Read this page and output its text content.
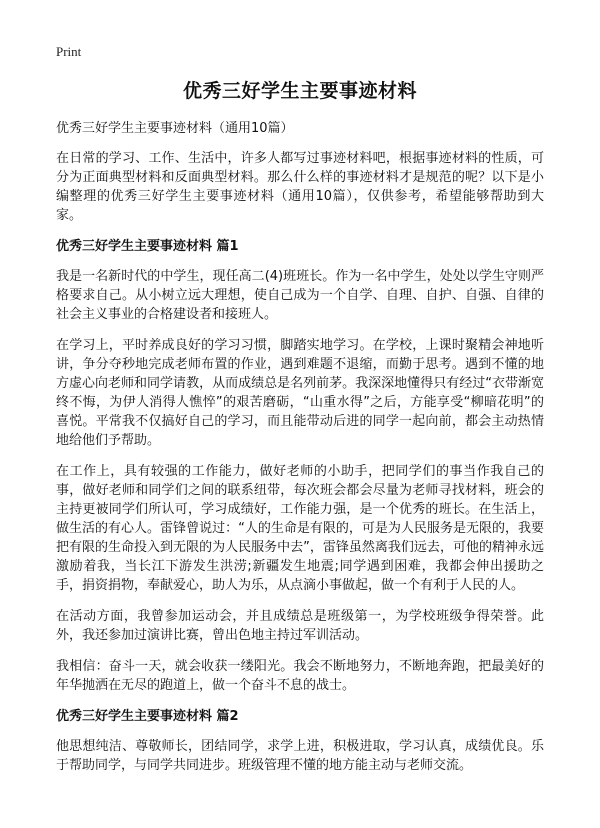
Print
优秀三好学生主要事迹材料
优秀三好学生主要事迹材料（通用10篇）

在日常的学习、工作、生活中，许多人都写过事迹材料吧，根据事迹材料的性质，可分为正面典型材料和反面典型材料。那么什么样的事迹材料才是规范的呢？以下是小编整理的优秀三好学生主要事迹材料（通用10篇），仅供参考，希望能够帮助到大家。

优秀三好学生主要事迹材料 篇1

我是一名新时代的中学生，现任高二(4)班班长。作为一名中学生，处处以学生守则严格要求自己。从小树立远大理想，使自己成为一个自学、自理、自护、自强、自律的社会主义事业的合格建设者和接班人。

在学习上，平时养成良好的学习习惯，脚踏实地学习。在学校，上课时聚精会神地听讲，争分夺秒地完成老师布置的作业，遇到难题不退缩，而勤于思考。遇到不懂的地方虚心向老师和同学请教，从而成绩总是名列前茅。我深深地懂得只有经过“衣带渐宽终不悔，为伊人消得人憔悴”的艰苦磨砺，“山重水得”之后，方能享受“柳暗花明”的喜悦。平常我不仅搞好自己的学习，而且能带动后进的同学一起向前，都会主动热情地给他们予帮助。

在工作上，具有较强的工作能力，做好老师的小助手，把同学们的事当作我自己的事，做好老师和同学们之间的联系纽带，每次班会都会尽量为老师寻找材料，班会的主持更被同学们所认可，学习成绩好，工作能力强，是一个优秀的班长。在生活上，做生活的有心人。雷锋曾说过：“人的生命是有限的，可是为人民服务是无限的，我要把有限的生命投入到无限的为人民服务中去”，雷锋虽然离我们远去，可他的精神永远激励着我，当长江下游发生洪涝;新疆发生地震;同学遇到困难，我都会伸出援助之手，捐资捐物，奉献爱心，助人为乐，从点滴小事做起，做一个有利于人民的人。

在活动方面，我曾参加运动会，并且成绩总是班级第一，为学校班级争得荣誉。此外，我还参加过演讲比赛，曾出色地主持过军训活动。

我相信：奋斗一天，就会收获一缕阳光。我会不断地努力，不断地奔跑，把最美好的年华抛洒在无尽的跑道上，做一个奋斗不息的战士。

优秀三好学生主要事迹材料 篇2

他思想纯洁、尊敬师长，团结同学，求学上进，积极进取，学习认真，成绩优良。乐于帮助同学，与同学共同进步。班级管理不懂的地方能主动与老师交流。
